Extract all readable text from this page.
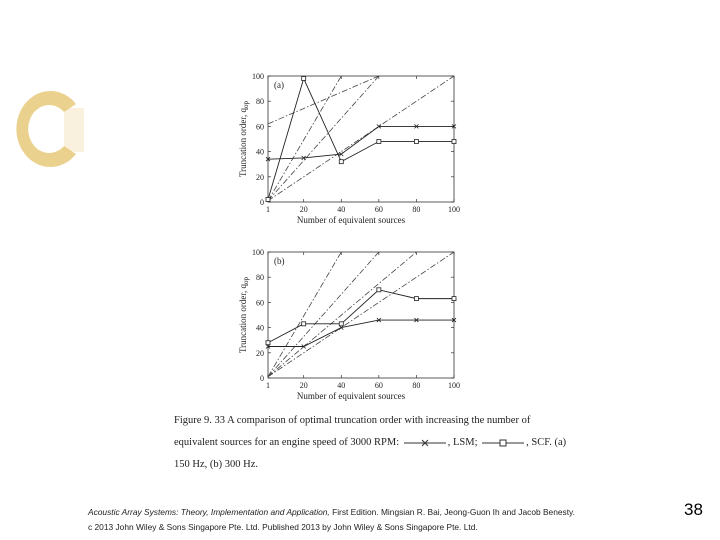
0
20
40
60
80
100
1	20	40	60	80	100
(a)
Number of equivalent sources
Truncation order, $q_{op}$
0
20
40
60
80
100
1	20	40	60	80	100
(b)
Number of equivalent sources
Truncation order, $q_{op}$
Figure 9. 33 A comparison of optimal truncation order with increasing the number of
equivalent sources for an engine speed of 3000 RPM:	, LSM;	, SCF. (a)
150 Hz, (b) 300 Hz.
Acoustic Array Systems: Theory, Implementation and Application, First Edition. Mingsian R. Bai, Jeong-Guon Ih and Jacob Benesty.
c 2013 John Wiley & Sons Singapore Pte. Ltd. Published 2013 by John Wiley & Sons Singapore Pte. Ltd.
38
